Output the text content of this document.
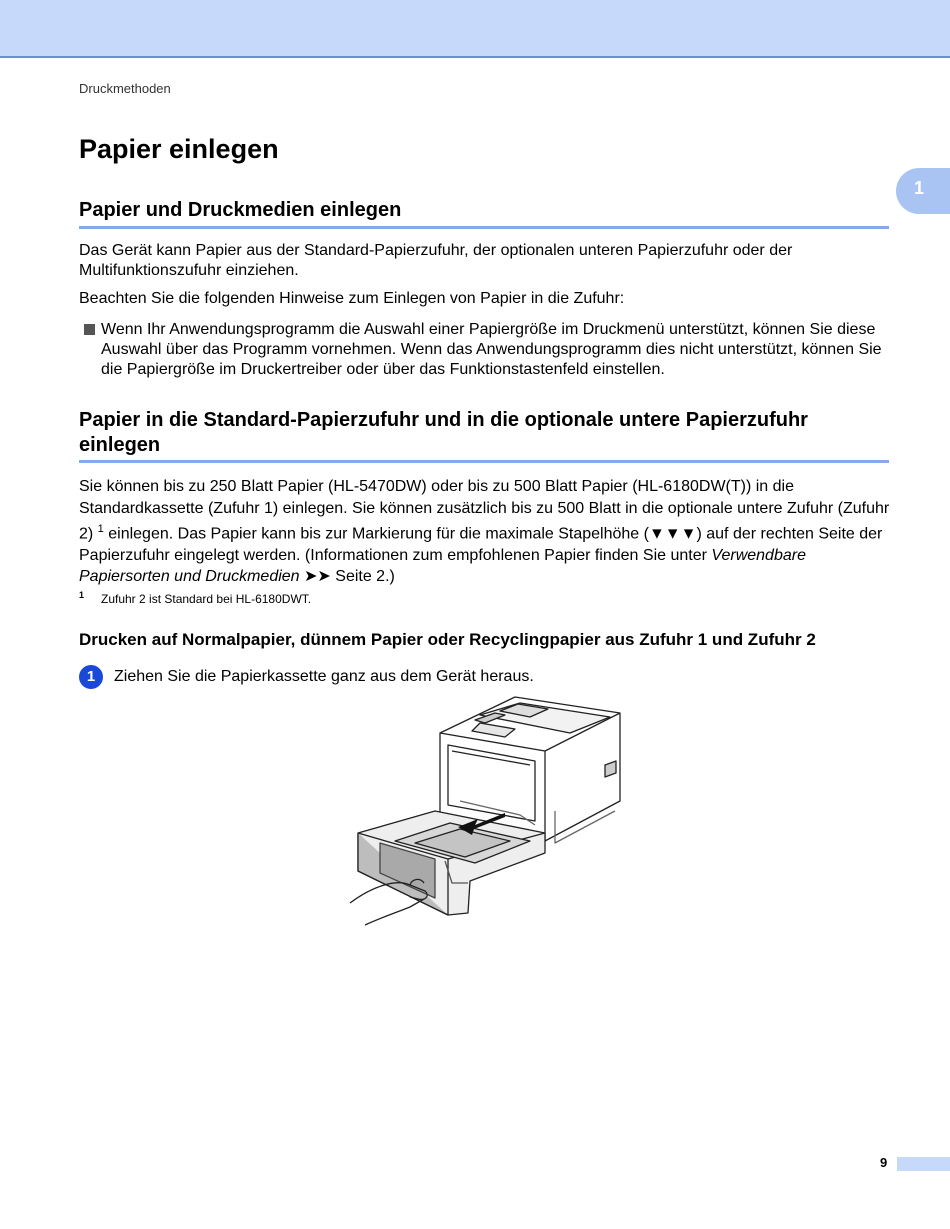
Druckmethoden
1
Papier einlegen
Papier und Druckmedien einlegen
Das Gerät kann Papier aus der Standard-Papierzufuhr, der optionalen unteren Papierzufuhr oder der Multifunktionszufuhr einziehen.
Beachten Sie die folgenden Hinweise zum Einlegen von Papier in die Zufuhr:
Wenn Ihr Anwendungsprogramm die Auswahl einer Papiergröße im Druckmenü unterstützt, können Sie diese Auswahl über das Programm vornehmen. Wenn das Anwendungsprogramm dies nicht unterstützt, können Sie die Papiergröße im Druckertreiber oder über das Funktionstastenfeld einstellen.
Papier in die Standard-Papierzufuhr und in die optionale untere Papierzufuhr einlegen
Sie können bis zu 250 Blatt Papier (HL-5470DW) oder bis zu 500 Blatt Papier (HL-6180DW(T)) in die Standardkassette (Zufuhr 1) einlegen. Sie können zusätzlich bis zu 500 Blatt in die optionale untere Zufuhr (Zufuhr 2) $^1$ einlegen. Das Papier kann bis zur Markierung für die maximale Stapelhöhe (▼▼▼) auf der rechten Seite der Papierzufuhr eingelegt werden. (Informationen zum empfohlenen Papier finden Sie unter Verwendbare Papiersorten und Druckmedien ➤➤ Seite 2.)
1 Zufuhr 2 ist Standard bei HL-6180DWT.
Drucken auf Normalpapier, dünnem Papier oder Recyclingpapier aus Zufuhr 1 und Zufuhr 2
1	Ziehen Sie die Papierkassette ganz aus dem Gerät heraus.
9
